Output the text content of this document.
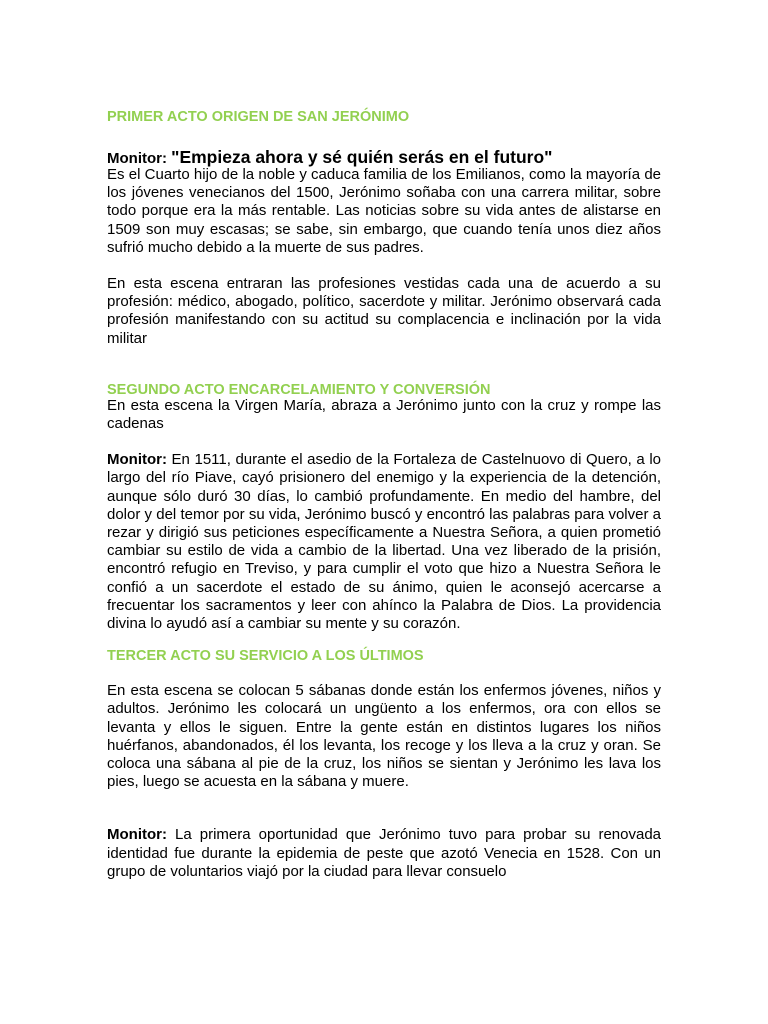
PRIMER ACTO ORIGEN DE SAN JERÓNIMO

Monitor: "Empieza ahora y sé quién serás en el futuro"

Es el Cuarto hijo de la noble y caduca familia de los Emilianos, como la mayoría de los jóvenes venecianos del 1500, Jerónimo soñaba con una carrera militar, sobre todo porque era la más rentable. Las noticias sobre su vida antes de alistarse en 1509 son muy escasas; se sabe, sin embargo, que cuando tenía unos diez años sufrió mucho debido a la muerte de sus padres.

En esta escena entraran las profesiones vestidas cada una de acuerdo a su profesión: médico, abogado, político, sacerdote y militar. Jerónimo observará cada profesión manifestando con su actitud su complacencia e inclinación por la vida militar

SEGUNDO ACTO ENCARCELAMIENTO Y CONVERSIÓN

En esta escena la Virgen María, abraza a Jerónimo junto con la cruz y rompe las cadenas

Monitor: En 1511, durante el asedio de la Fortaleza de Castelnuovo di Quero, a lo largo del río Piave, cayó prisionero del enemigo y la experiencia de la detención, aunque sólo duró 30 días, lo cambió profundamente. En medio del hambre, del dolor y del temor por su vida, Jerónimo buscó y encontró las palabras para volver a rezar y dirigió sus peticiones específicamente a Nuestra Señora, a quien prometió cambiar su estilo de vida a cambio de la libertad. Una vez liberado de la prisión, encontró refugio en Treviso, y para cumplir el voto que hizo a Nuestra Señora le confió a un sacerdote el estado de su ánimo, quien le aconsejó acercarse a frecuentar los sacramentos y leer con ahínco la Palabra de Dios. La providencia divina lo ayudó así a cambiar su mente y su corazón.

TERCER ACTO SU SERVICIO A LOS ÚLTIMOS

En esta escena se colocan 5 sábanas donde están los enfermos jóvenes, niños y adultos. Jerónimo les colocará un ungüento a los enfermos, ora con ellos se levanta y ellos le siguen. Entre la gente están en distintos lugares los niños huérfanos, abandonados, él los levanta, los recoge y los lleva a la cruz y oran. Se coloca una sábana al pie de la cruz, los niños se sientan y Jerónimo les lava los pies, luego se acuesta en la sábana y muere.

Monitor: La primera oportunidad que Jerónimo tuvo para probar su renovada identidad fue durante la epidemia de peste que azotó Venecia en 1528. Con un grupo de voluntarios viajó por la ciudad para llevar consuelo
